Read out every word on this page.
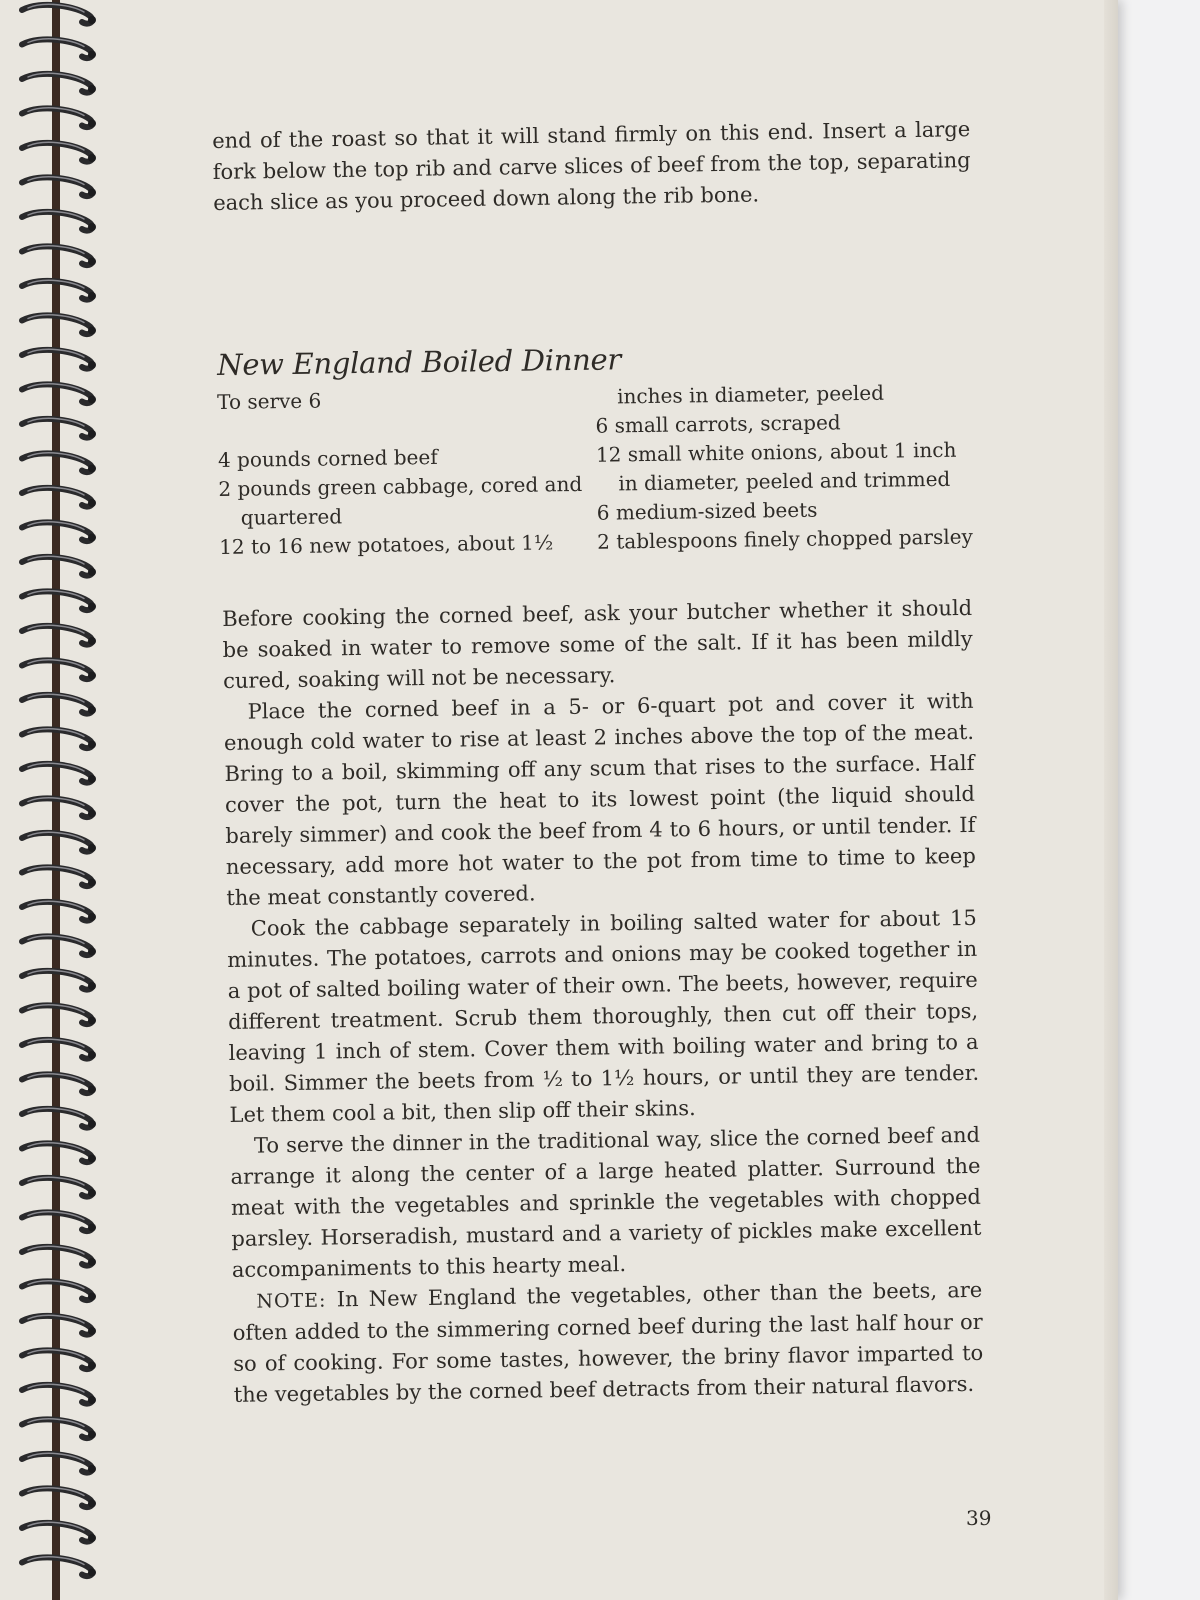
end of the roast so that it will stand firmly on this end. Insert a large fork below the top rib and carve slices of beef from the top, separating each slice as you proceed down along the rib bone.

New England Boiled Dinner
To serve 6
4 pounds corned beef
2 pounds green cabbage, cored and
quartered
12 to 16 new potatoes, about 1½
inches in diameter, peeled
6 small carrots, scraped
12 small white onions, about 1 inch
in diameter, peeled and trimmed
6 medium-sized beets
2 tablespoons finely chopped parsley

Before cooking the corned beef, ask your butcher whether it should be soaked in water to remove some of the salt. If it has been mildly cured, soaking will not be necessary.

Place the corned beef in a 5- or 6-quart pot and cover it with enough cold water to rise at least 2 inches above the top of the meat. Bring to a boil, skimming off any scum that rises to the surface. Half cover the pot, turn the heat to its lowest point (the liquid should barely simmer) and cook the beef from 4 to 6 hours, or until tender. If necessary, add more hot water to the pot from time to time to keep the meat constantly covered.

Cook the cabbage separately in boiling salted water for about 15 minutes. The potatoes, carrots and onions may be cooked together in a pot of salted boiling water of their own. The beets, however, require different treatment. Scrub them thoroughly, then cut off their tops, leaving 1 inch of stem. Cover them with boiling water and bring to a boil. Simmer the beets from ½ to 1½ hours, or until they are tender. Let them cool a bit, then slip off their skins.

To serve the dinner in the traditional way, slice the corned beef and arrange it along the center of a large heated platter. Surround the meat with the vegetables and sprinkle the vegetables with chopped parsley. Horseradish, mustard and a variety of pickles make excellent accompaniments to this hearty meal.

NOTE: In New England the vegetables, other than the beets, are often added to the simmering corned beef during the last half hour or so of cooking. For some tastes, however, the briny flavor imparted to the vegetables by the corned beef detracts from their natural flavors.

39
